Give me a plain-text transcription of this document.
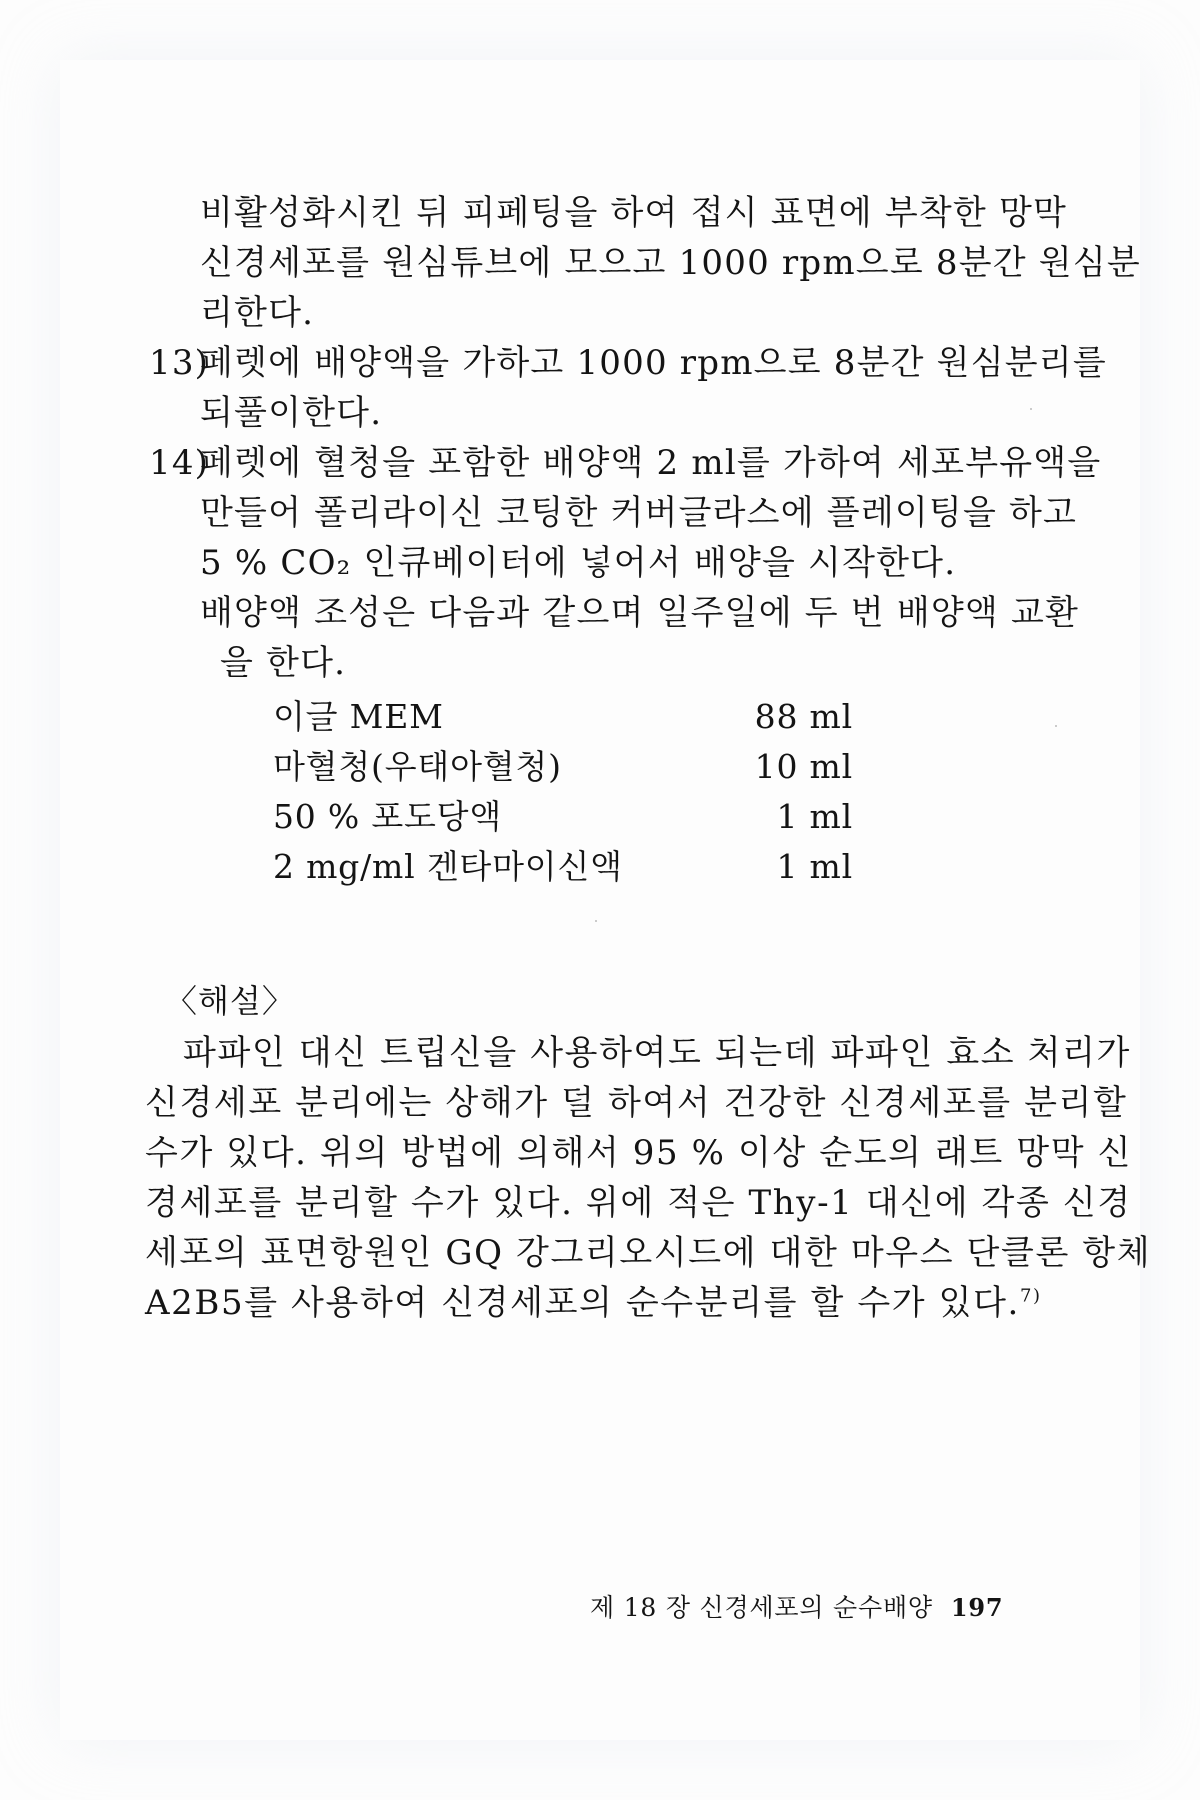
비활성화시킨 뒤 피페팅을 하여 접시 표면에 부착한 망막
신경세포를 원심튜브에 모으고 1000 rpm으로 8분간 원심분
리한다.
13)
페렛에 배양액을 가하고 1000 rpm으로 8분간 원심분리를
되풀이한다.
14)
페렛에 혈청을 포함한 배양액 2 ml를 가하여 세포부유액을
만들어 폴리라이신 코팅한 커버글라스에 플레이팅을 하고
5 % CO₂ 인큐베이터에 넣어서 배양을 시작한다.
배양액 조성은 다음과 같으며 일주일에 두 번 배양액 교환
을 한다.
이글 MEM	88 ml
마혈청(우태아혈청)	10 ml
50 % 포도당액	1 ml
2 mg/ml 겐타마이신액	1 ml
〈해설〉
파파인 대신 트립신을 사용하여도 되는데 파파인 효소 처리가
신경세포 분리에는 상해가 덜 하여서 건강한 신경세포를 분리할
수가 있다. 위의 방법에 의해서 95 % 이상 순도의 래트 망막 신
경세포를 분리할 수가 있다. 위에 적은 Thy-1 대신에 각종 신경
세포의 표면항원인 GQ 강그리오시드에 대한 마우스 단클론 항체
A2B5를 사용하여 신경세포의 순수분리를 할 수가 있다.$^{7)}$
제 18 장 신경세포의 순수배양 197
